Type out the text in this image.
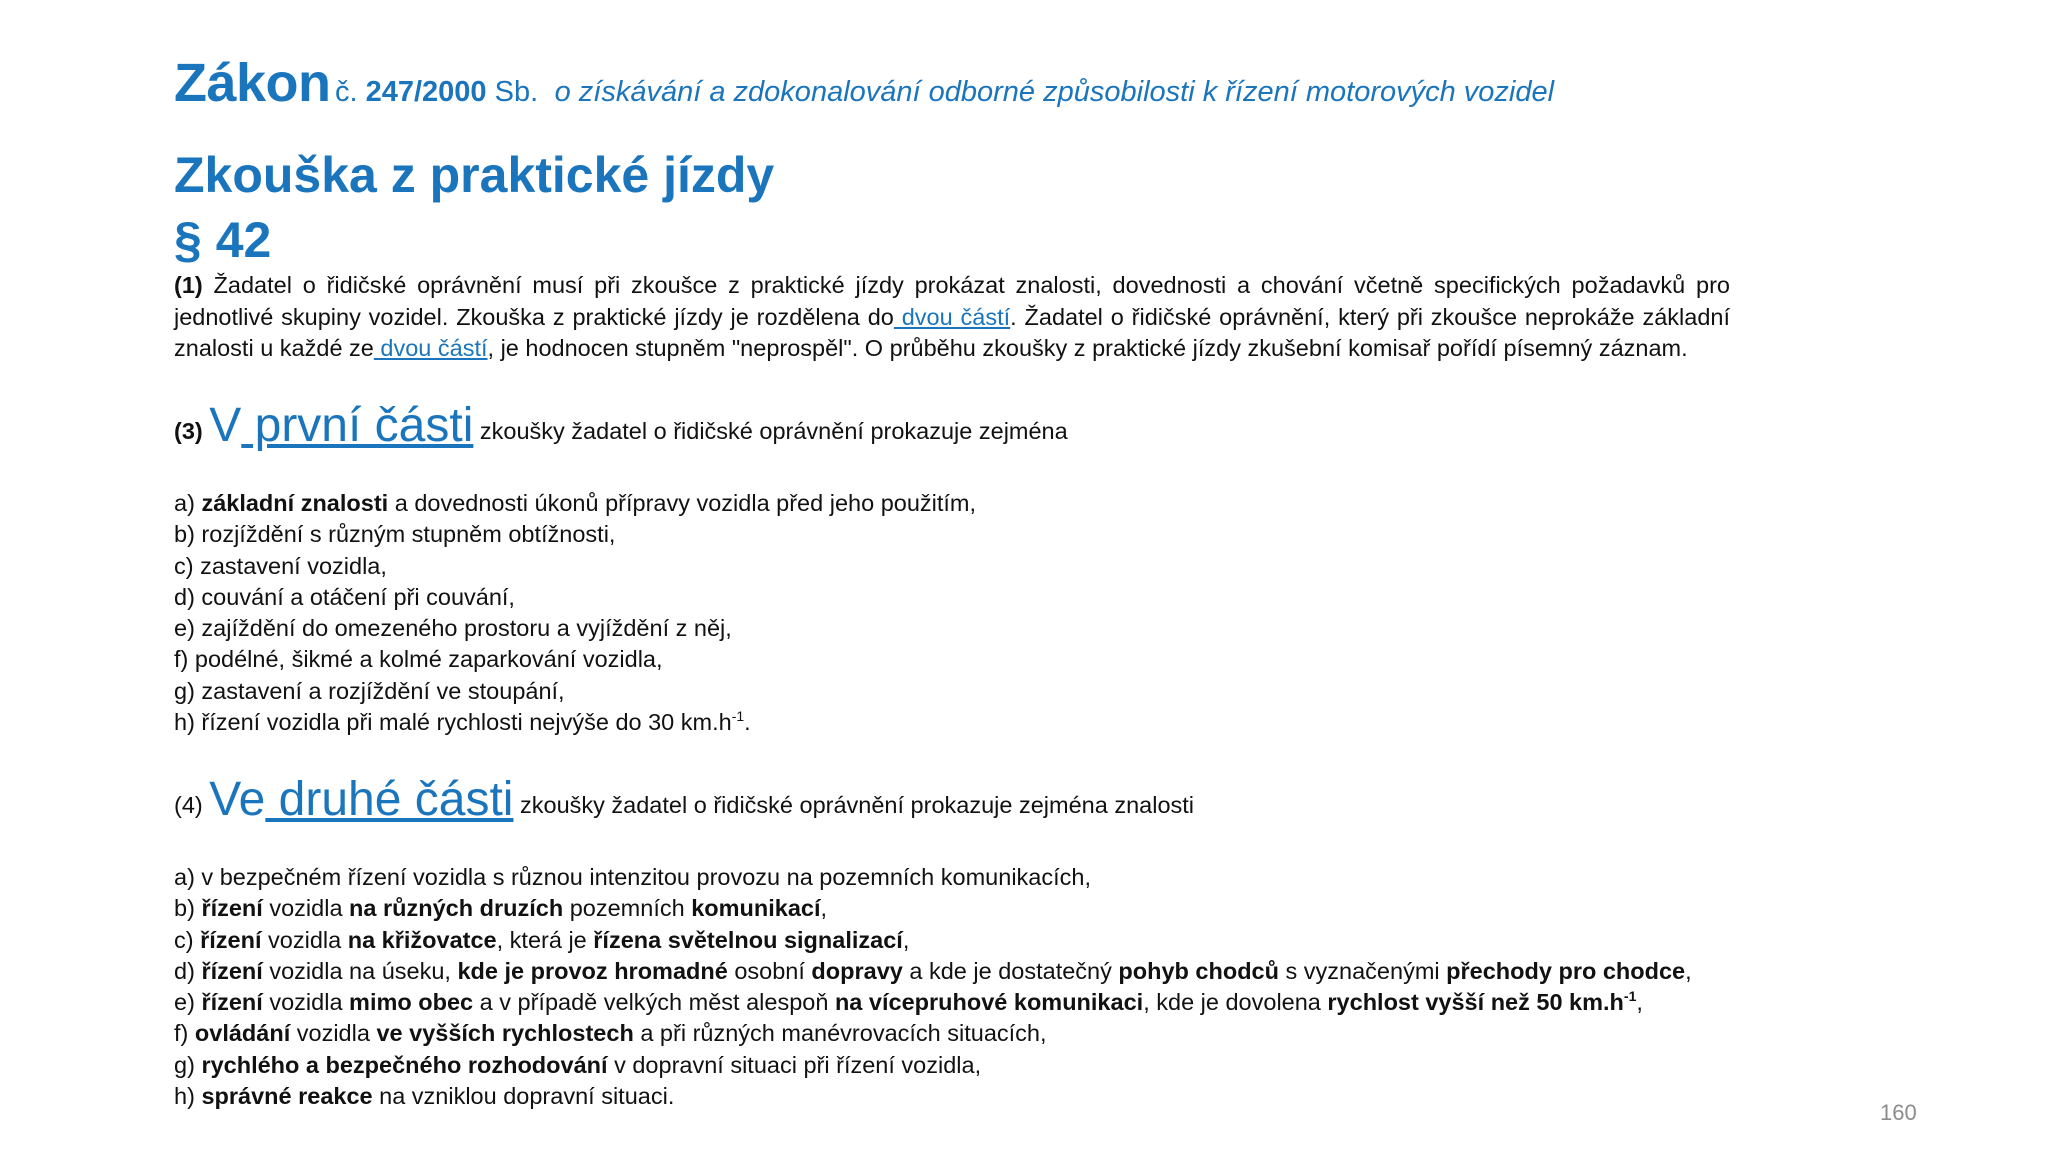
Zákon č. 247/2000 Sb. o získávání a zdokonalování odborné způsobilosti k řízení motorových vozidel
Zkouška z praktické jízdy
§ 42
(1) Žadatel o řidičské oprávnění musí při zkoušce z praktické jízdy prokázat znalosti, dovednosti a chování včetně specifických požadavků pro jednotlivé skupiny vozidel. Zkouška z praktické jízdy je rozdělena do dvou částí. Žadatel o řidičské oprávnění, který při zkoušce neprokáže základní znalosti u každé ze dvou částí, je hodnocen stupněm "neprospěl". O průběhu zkoušky z praktické jízdy zkušební komisař pořídí písemný záznam.
(3) V první části zkoušky žadatel o řidičské oprávnění prokazuje zejména
a) základní znalosti a dovednosti úkonů přípravy vozidla před jeho použitím,
b) rozjíždění s různým stupněm obtížnosti,
c) zastavení vozidla,
d) couvání a otáčení při couvání,
e) zajíždění do omezeného prostoru a vyjíždění z něj,
f) podélné, šikmé a kolmé zaparkování vozidla,
g) zastavení a rozjíždění ve stoupání,
h) řízení vozidla při malé rychlosti nejvýše do 30 $km.h^{-1}$.
(4) Ve druhé části zkoušky žadatel o řidičské oprávnění prokazuje zejména znalosti
a) v bezpečném řízení vozidla s různou intenzitou provozu na pozemních komunikacích,
b) řízení vozidla na různých druzích pozemních komunikací,
c) řízení vozidla na křižovatce, která je řízena světelnou signalizací,
d) řízení vozidla na úseku, kde je provoz hromadné osobní dopravy a kde je dostatečný pohyb chodců s vyznačenými přechody pro chodce,
e) řízení vozidla mimo obec a v případě velkých měst alespoň na vícepruhové komunikaci, kde je dovolena rychlost vyšší než 50 $km.h^{-1}$,
f) ovládání vozidla ve vyšších rychlostech a při různých manévrovacích situacích,
g) rychlého a bezpečného rozhodování v dopravní situaci při řízení vozidla,
h) správné reakce na vzniklou dopravní situaci.
160
